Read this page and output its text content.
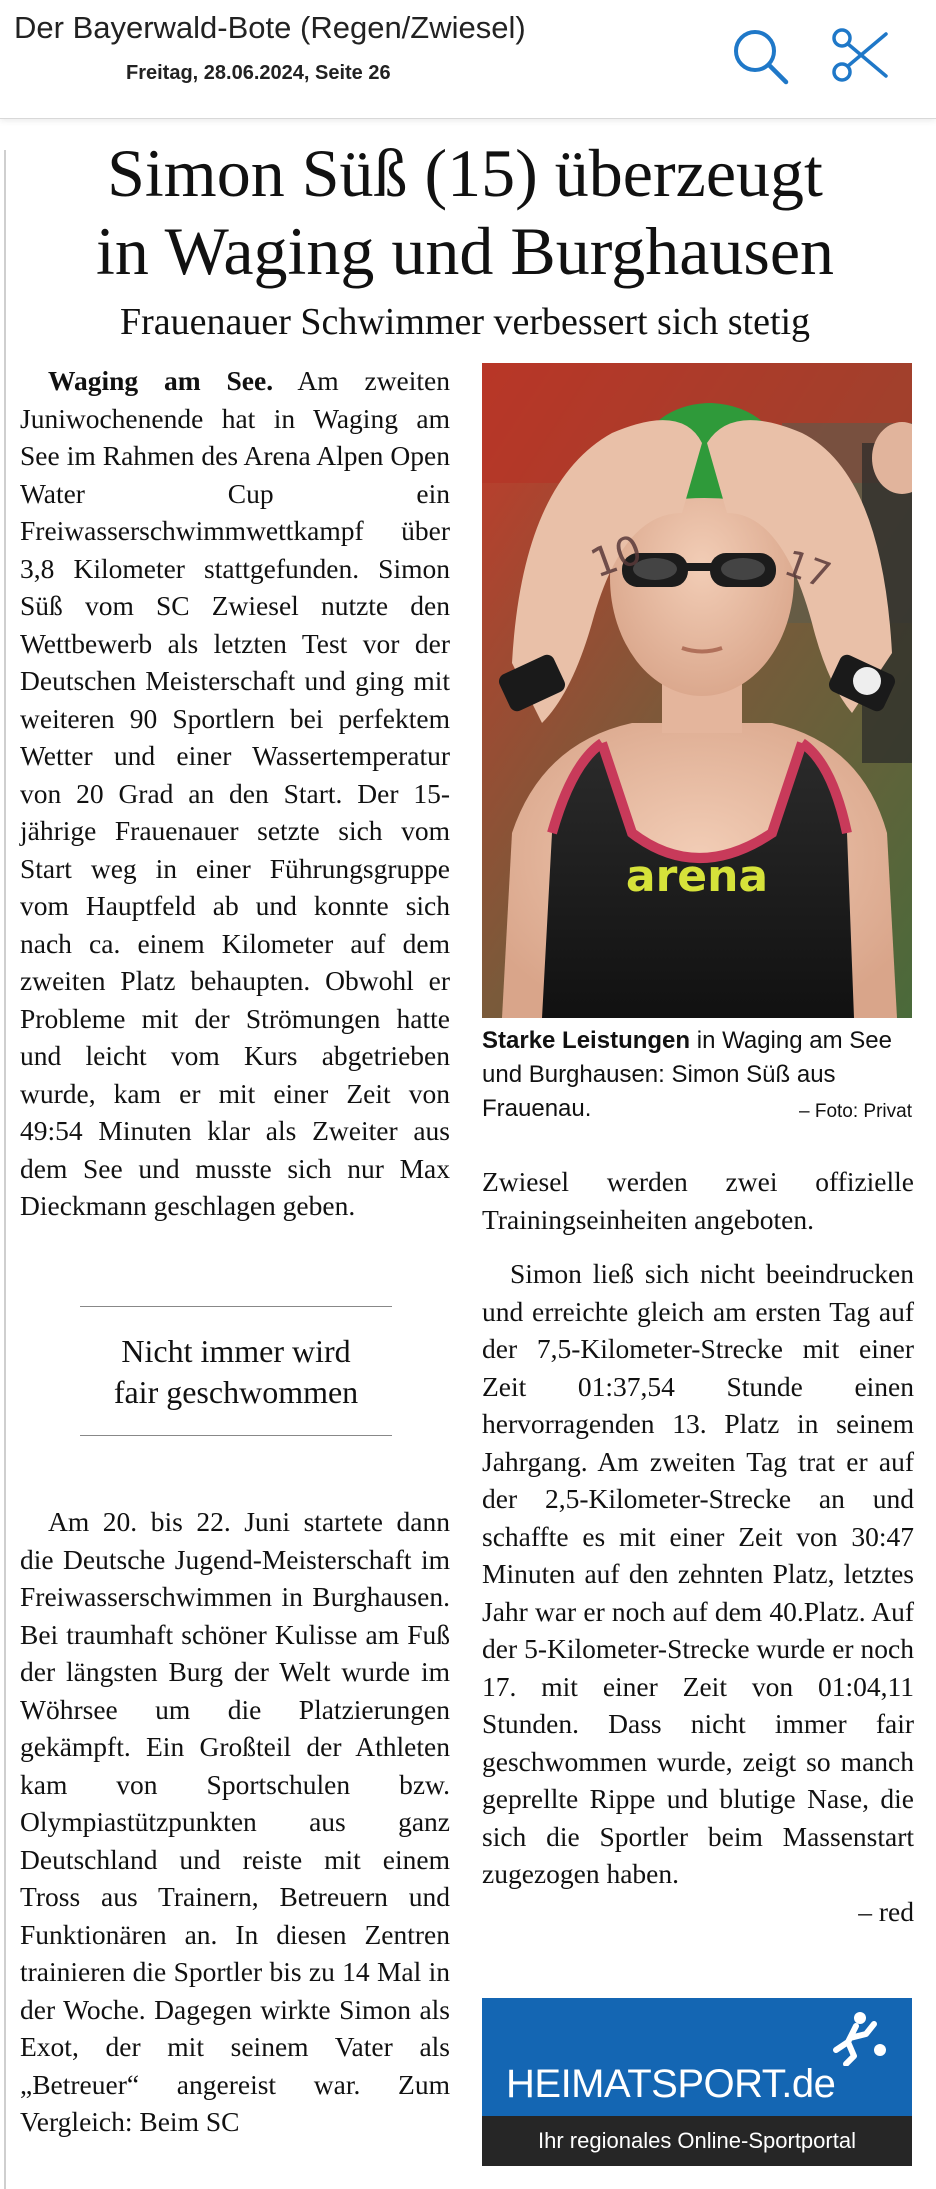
Der Bayerwald-Bote (Regen/Zwiesel)
Freitag, 28.06.2024, Seite 26
Simon Süß (15) überzeugt
in Waging und Burghausen
Frauenauer Schwimmer verbessert sich stetig

Waging am See. Am zweiten Juniwochenende hat in Waging am See im Rahmen des Arena Alpen Open Water Cup ein Freiwasserschwimmwettkampf über 3,8 Kilometer stattgefunden. Simon Süß vom SC Zwiesel nutzte den Wettbewerb als letzten Test vor der Deutschen Meisterschaft und ging mit weiteren 90 Sportlern bei perfektem Wetter und einer Wassertemperatur von 20 Grad an den Start. Der 15-jährige Frauenauer setzte sich vom Start weg in einer Führungsgruppe vom Hauptfeld ab und konnte sich nach ca. einem Kilometer auf dem zweiten Platz behaupten. Obwohl er Probleme mit der Strömungen hatte und leicht vom Kurs abgetrieben wurde, kam er mit einer Zeit von 49:54 Minuten klar als Zweiter aus dem See und musste sich nur Max Dieckmann geschlagen geben.

Nicht immer wird
fair geschwommen

Am 20. bis 22. Juni startete dann die Deutsche Jugend-Meisterschaft im Freiwasserschwimmen in Burghausen. Bei traumhaft schöner Kulisse am Fuß der längsten Burg der Welt wurde im Wöhrsee um die Platzierungen gekämpft. Ein Großteil der Athleten kam von Sportschulen bzw. Olympiastützpunkten aus ganz Deutschland und reiste mit einem Tross aus Trainern, Betreuern und Funktionären an. In diesen Zentren trainieren die Sportler bis zu 14 Mal in der Woche. Dagegen wirkte Simon als Exot, der mit seinem Vater als „Betreuer“ angereist war. Zum Vergleich: Beim SC

arena
10	17
Starke Leistungen in Waging am See und Burghausen: Simon Süß aus Frauenau.	– Foto: Privat

Zwiesel werden zwei offizielle Trainingseinheiten angeboten.

Simon ließ sich nicht beeindrucken und erreichte gleich am ersten Tag auf der 7,5-Kilometer-Strecke mit einer Zeit 01:37,54 Stunde einen hervorragenden 13. Platz in seinem Jahrgang. Am zweiten Tag trat er auf der 2,5-Kilometer-Strecke an und schaffte es mit einer Zeit von 30:47 Minuten auf den zehnten Platz, letztes Jahr war er noch auf dem 40.Platz. Auf der 5-Kilometer-Strecke wurde er noch 17. mit einer Zeit von 01:04,11 Stunden. Dass nicht immer fair geschwommen wurde, zeigt so manch geprellte Rippe und blutige Nase, die sich die Sportler beim Massenstart zugezogen haben.

– red

HEIMATSPORT.de
Ihr regionales Online-Sportportal
